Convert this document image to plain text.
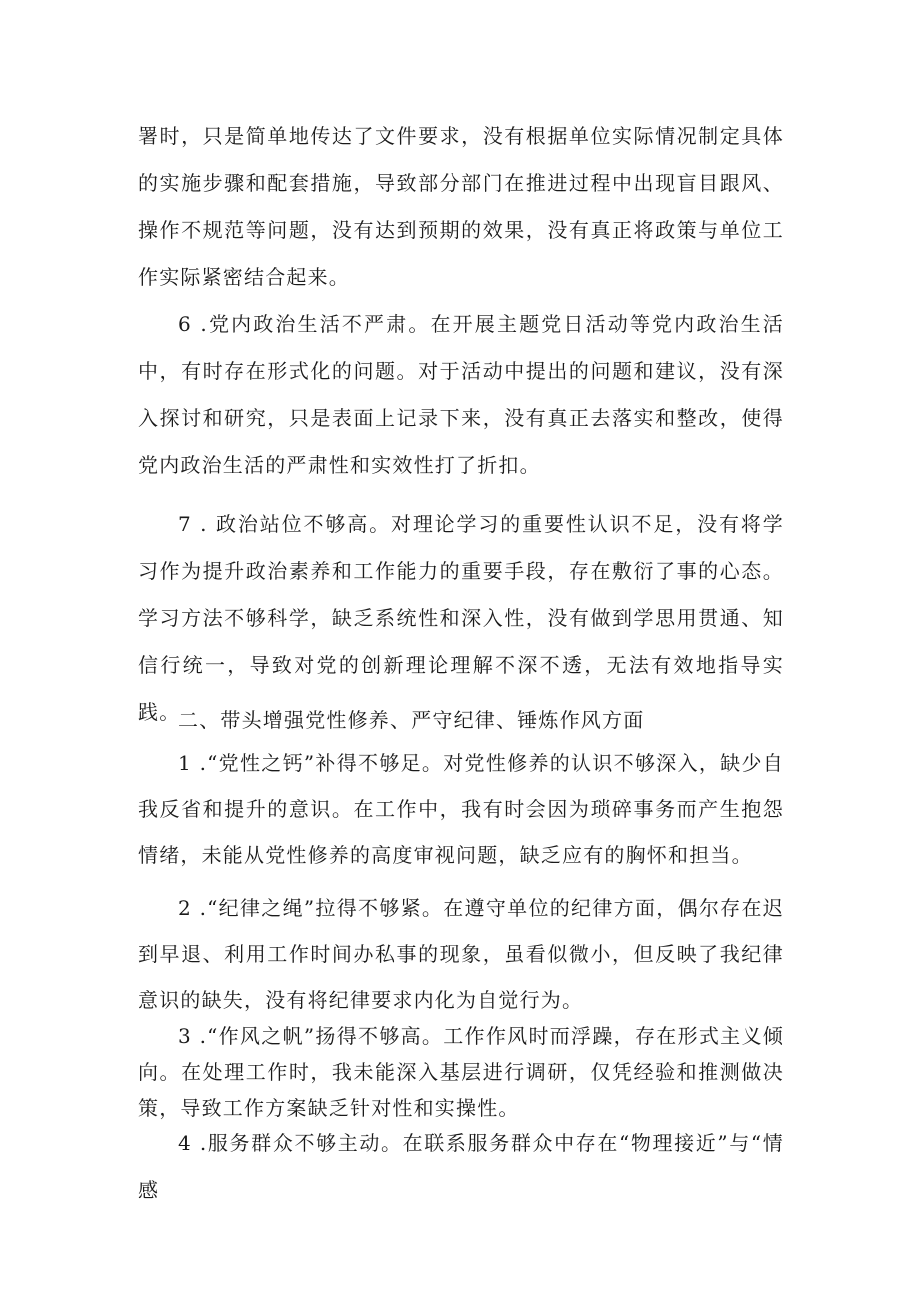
署时，只是简单地传达了文件要求，没有根据单位实际情况制定具体的实施步骤和配套措施，导致部分部门在推进过程中出现盲目跟风、操作不规范等问题，没有达到预期的效果，没有真正将政策与单位工作实际紧密结合起来。

6 .党内政治生活不严肃。在开展主题党日活动等党内政治生活中，有时存在形式化的问题。对于活动中提出的问题和建议，没有深入探讨和研究，只是表面上记录下来，没有真正去落实和整改，使得党内政治生活的严肃性和实效性打了折扣。

7 . 政治站位不够高。对理论学习的重要性认识不足，没有将学习作为提升政治素养和工作能力的重要手段，存在敷衍了事的心态。学习方法不够科学，缺乏系统性和深入性，没有做到学思用贯通、知信行统一，导致对党的创新理论理解不深不透，无法有效地指导实践。

二、带头增强党性修养、严守纪律、锤炼作风方面

1 .“党性之钙”补得不够足。对党性修养的认识不够深入，缺少自我反省和提升的意识。在工作中，我有时会因为琐碎事务而产生抱怨情绪，未能从党性修养的高度审视问题，缺乏应有的胸怀和担当。

2 .“纪律之绳”拉得不够紧。在遵守单位的纪律方面，偶尔存在迟到早退、利用工作时间办私事的现象，虽看似微小，但反映了我纪律意识的缺失，没有将纪律要求内化为自觉行为。

3 .“作风之帆”扬得不够高。工作作风时而浮躁，存在形式主义倾向。在处理工作时，我未能深入基层进行调研，仅凭经验和推测做决策，导致工作方案缺乏针对性和实操性。

4 .服务群众不够主动。在联系服务群众中存在“物理接近”与“情感
